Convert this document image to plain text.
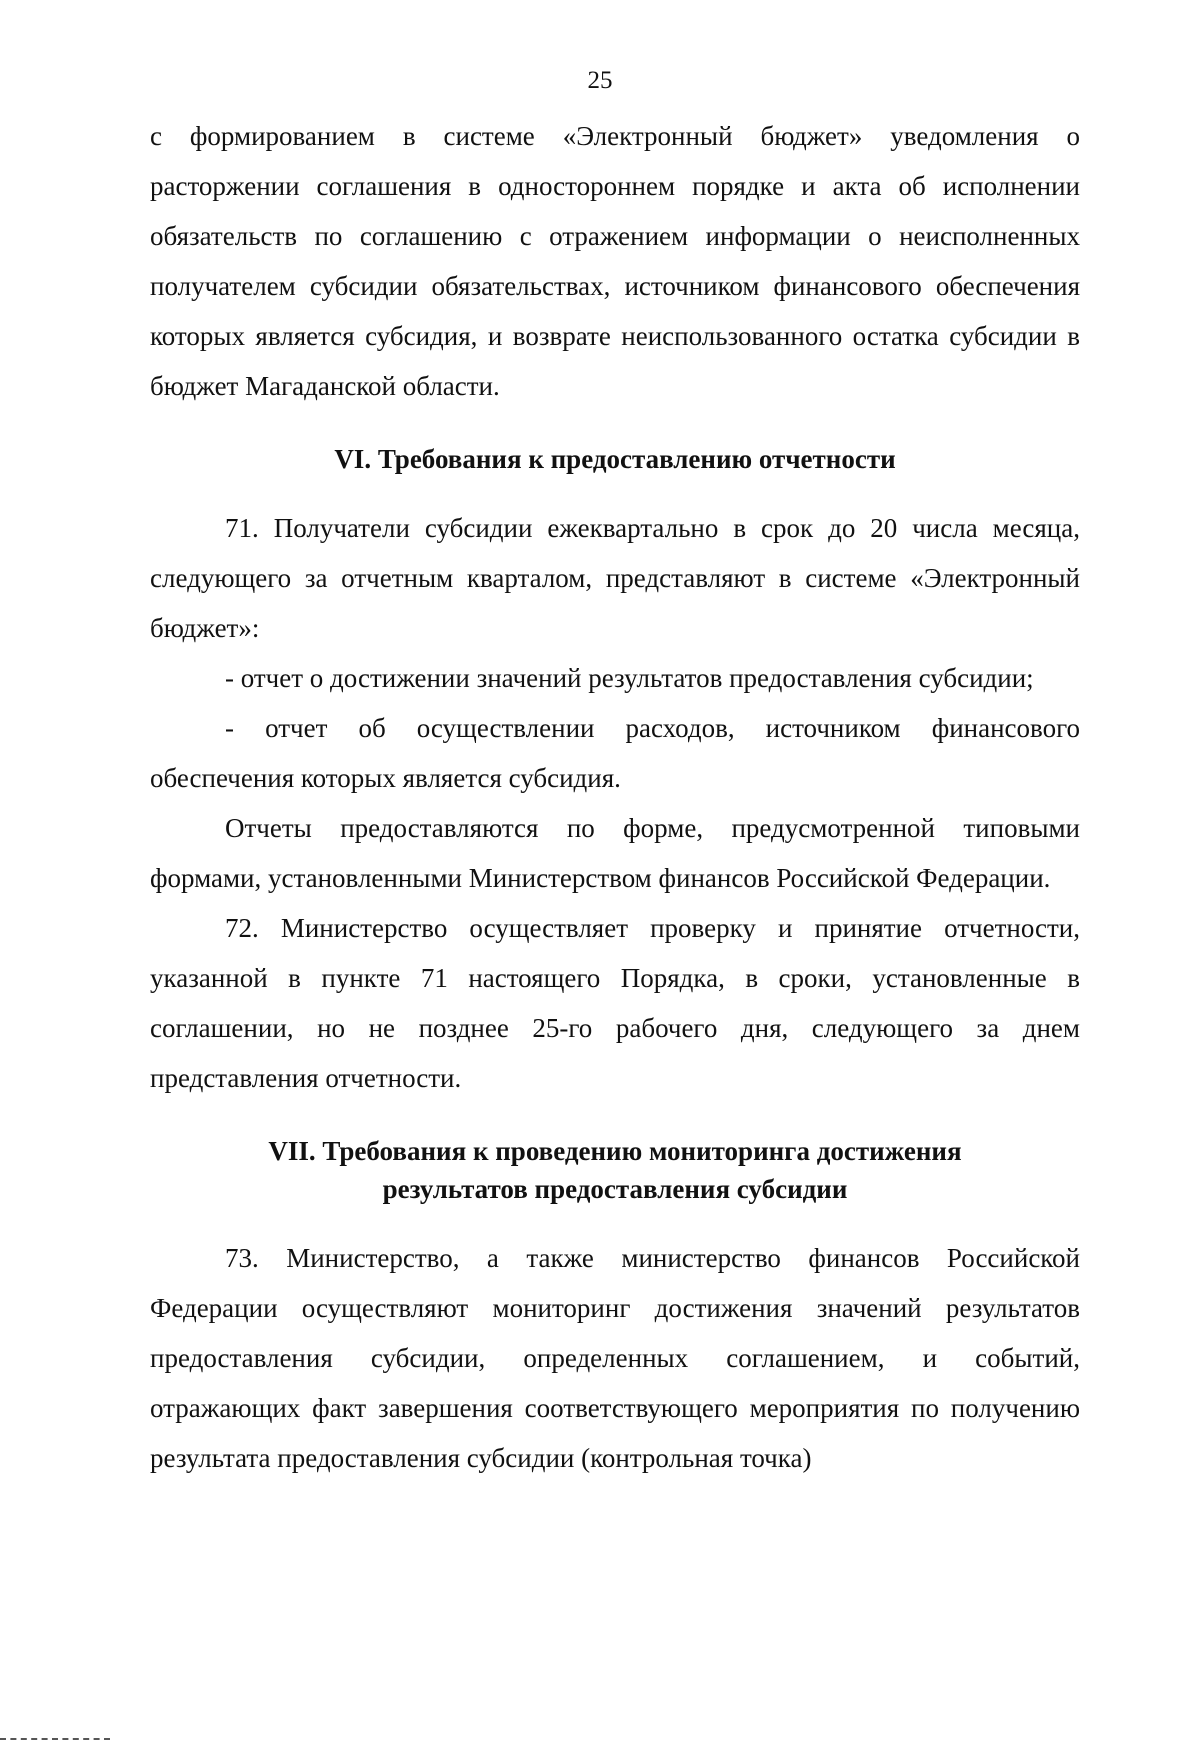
25

с формированием в системе «Электронный бюджет» уведомления о расторжении соглашения в одностороннем порядке и акта об исполнении обязательств по соглашению с отражением информации о неисполненных получателем субсидии обязательствах, источником финансового обеспечения которых является субсидия, и возврате неиспользованного остатка субсидии в бюджет Магаданской области.

VI. Требования к предоставлению отчетности

71. Получатели субсидии ежеквартально в срок до 20 числа месяца, следующего за отчетным кварталом, представляют в системе «Электронный бюджет»:

- отчет о достижении значений результатов предоставления субсидии;

- отчет об осуществлении расходов, источником финансового обеспечения которых является субсидия.

Отчеты предоставляются по форме, предусмотренной типовыми формами, установленными Министерством финансов Российской Федерации.

72. Министерство осуществляет проверку и принятие отчетности, указанной в пункте 71 настоящего Порядка, в сроки, установленные в соглашении, но не позднее 25-го рабочего дня, следующего за днем представления отчетности.

VII. Требования к проведению мониторинга достижения
результатов предоставления субсидии

73. Министерство, а также министерство финансов Российской Федерации осуществляют мониторинг достижения значений результатов предоставления субсидии, определенных соглашением, и событий, отражающих факт завершения соответствующего мероприятия по получению результата предоставления субсидии (контрольная точка)
